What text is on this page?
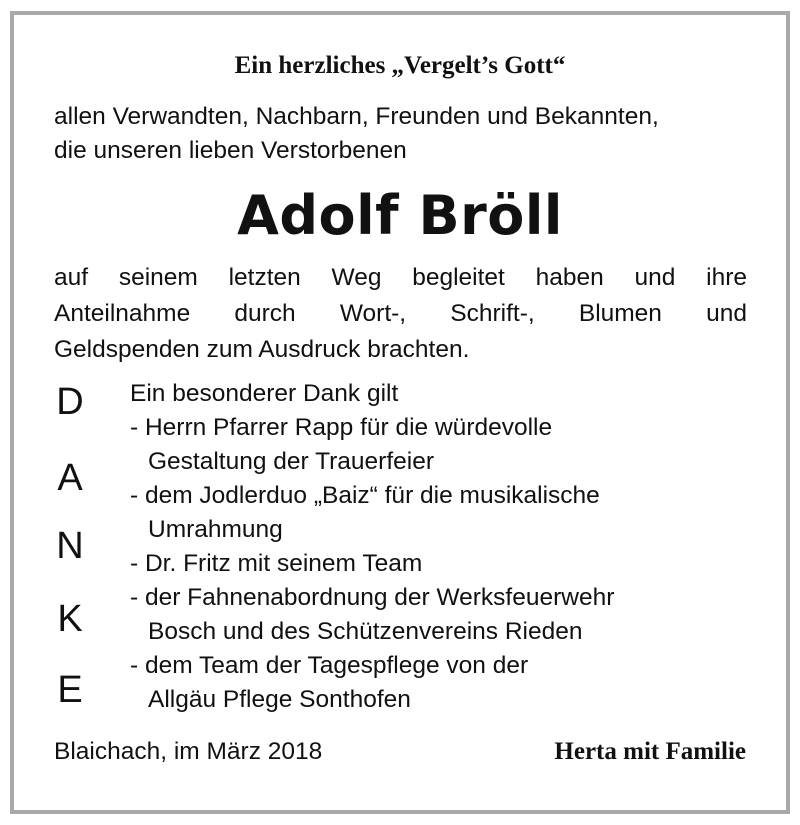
Ein herzliches „Vergelt’s Gott“
allen Verwandten, Nachbarn, Freunden und Bekannten,
die unseren lieben Verstorbenen
Adolf Bröll
auf seinem letzten Weg begleitet haben und ihre
Anteilnahme durch Wort-, Schrift-, Blumen und
Geldspenden zum Ausdruck brachten.
D
A
N
K
E
Ein besonderer Dank gilt
- Herrn Pfarrer Rapp für die würdevolle
Gestaltung der Trauerfeier
- dem Jodlerduo „Baiz“ für die musikalische
Umrahmung
- Dr. Fritz mit seinem Team
- der Fahnenabordnung der Werksfeuerwehr
Bosch und des Schützenvereins Rieden
- dem Team der Tagespflege von der
Allgäu Pflege Sonthofen
Blaichach, im März 2018	Herta mit Familie
